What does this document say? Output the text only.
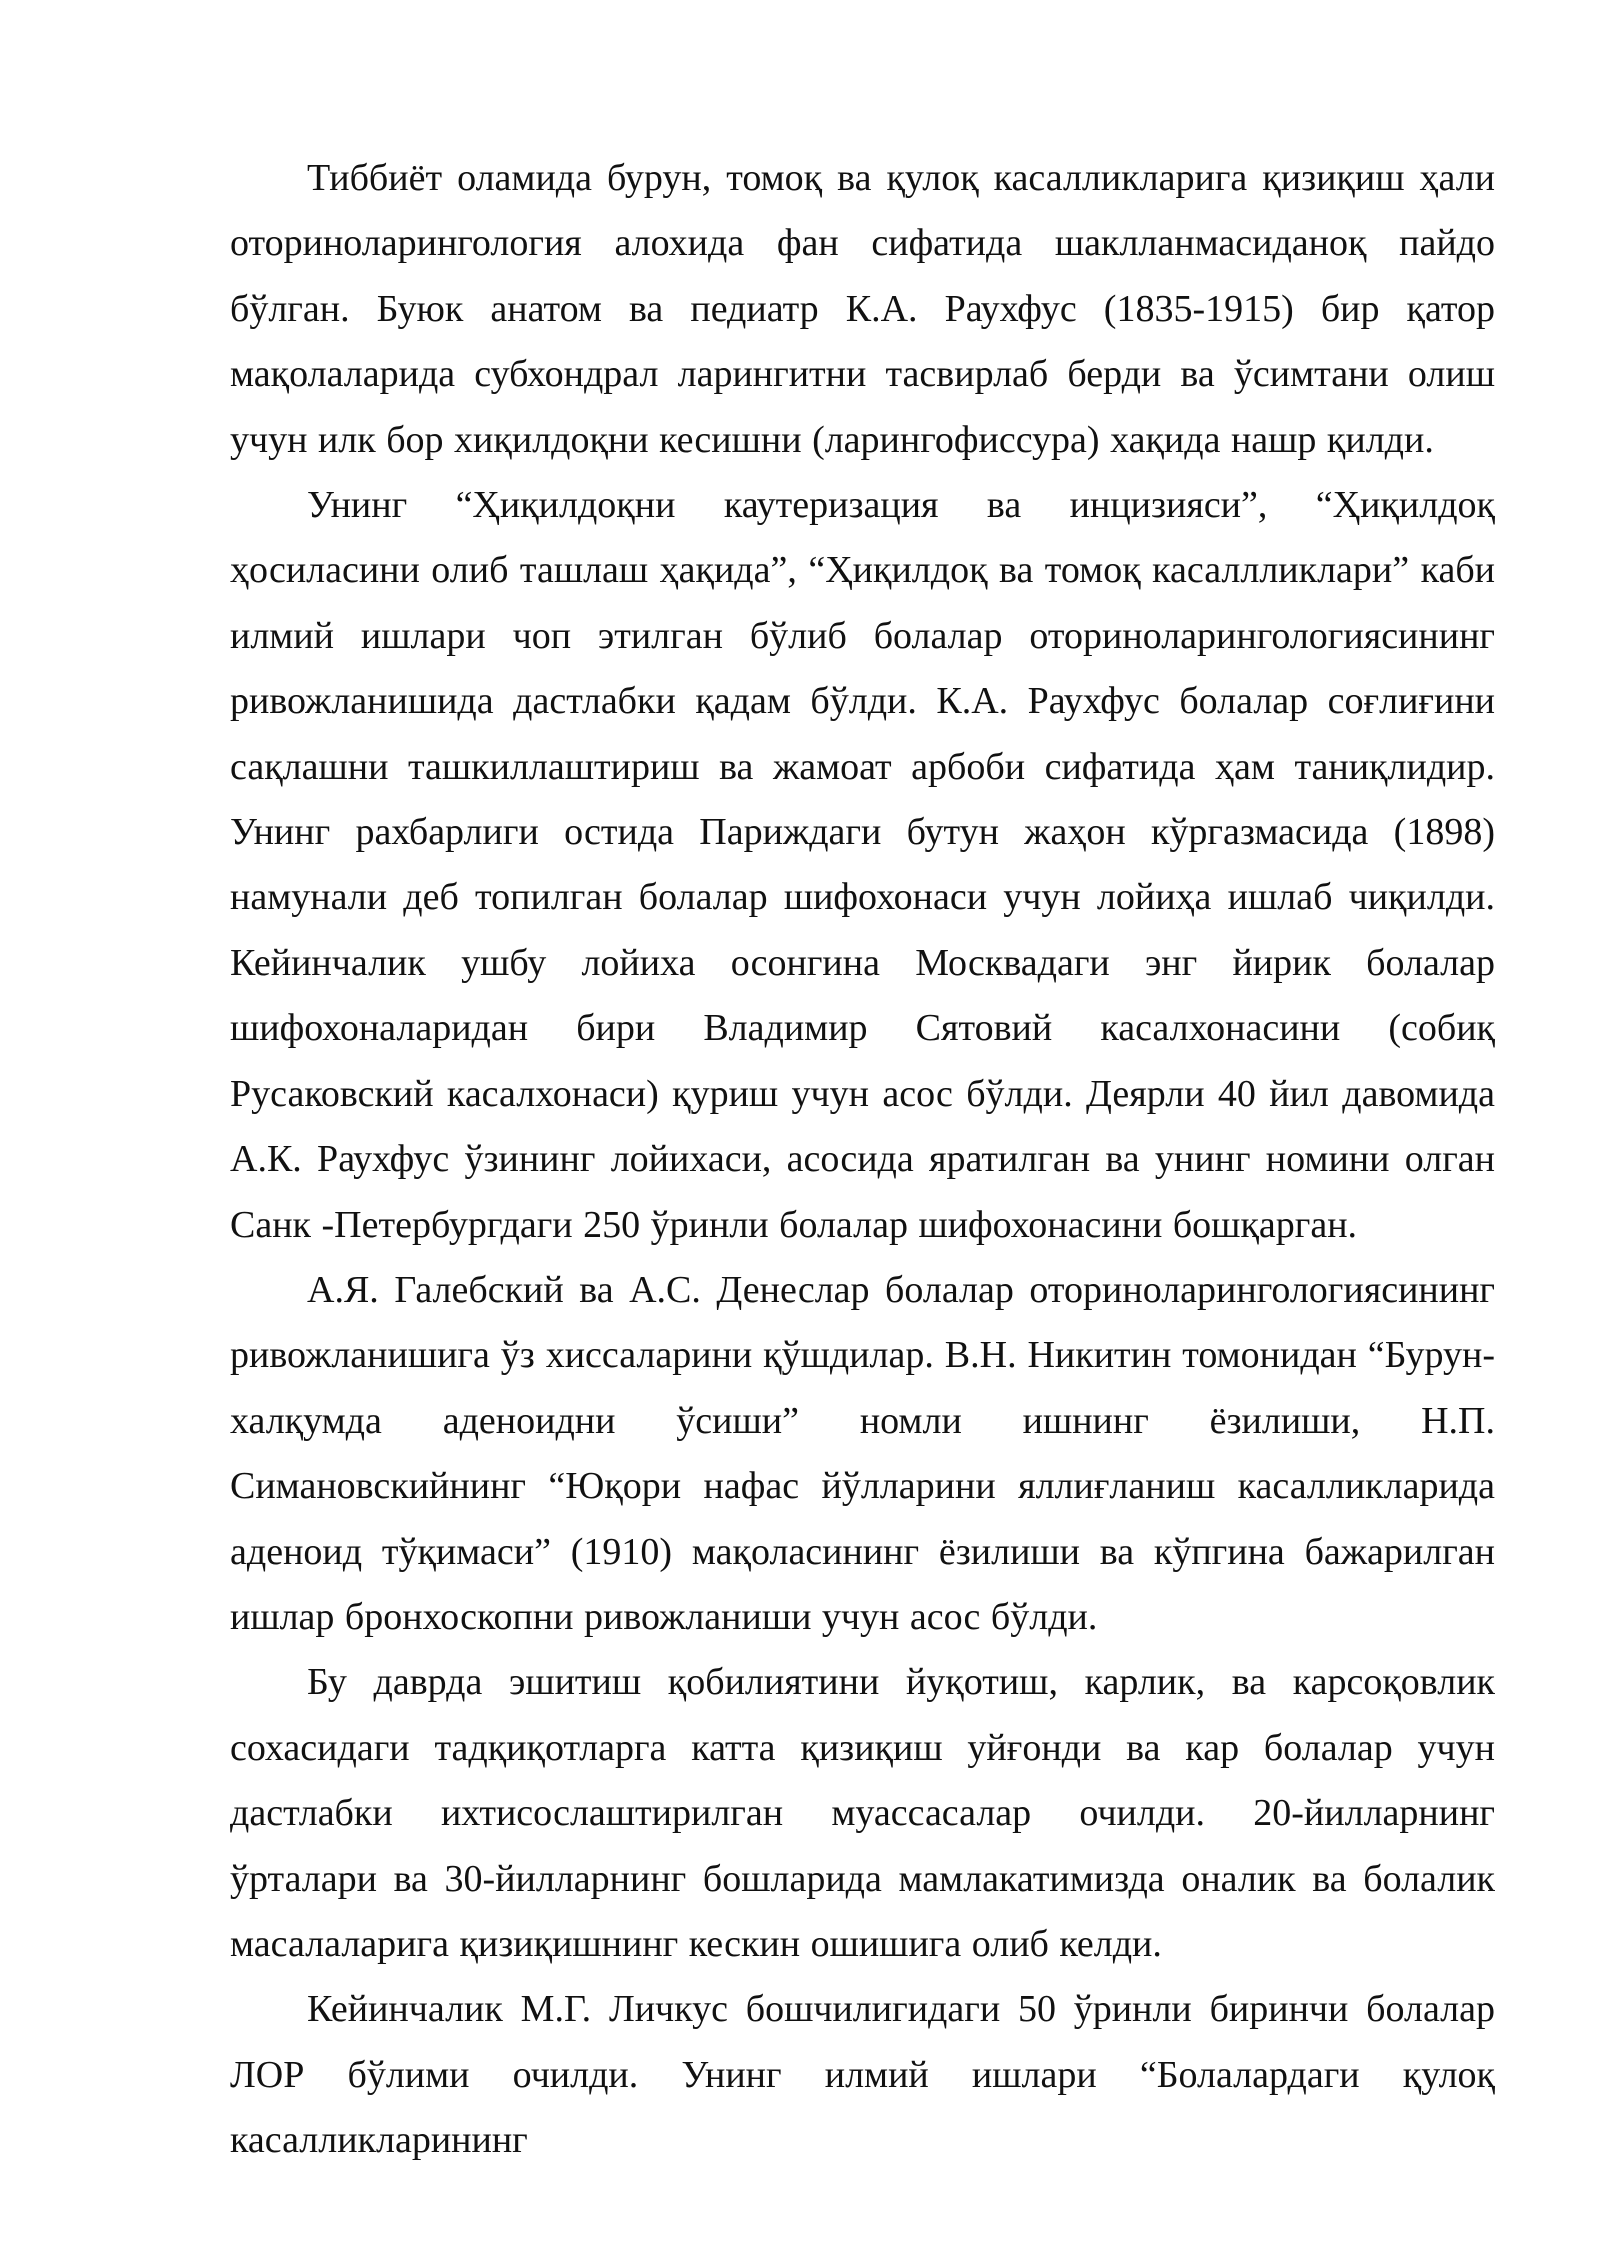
Тиббиёт оламида бурун, томоқ ва қулоқ касалликларига қизиқиш ҳали оториноларингология алохида фан сифатида шаклланмасиданоқ пайдо бўлган. Буюк анатом ва педиатр К.А. Раухфус (1835-1915) бир қатор мақолаларида субхондрал ларингитни тасвирлаб берди ва ўсимтани олиш учун илк бор хиқилдоқни кесишни (ларингофиссура) хақида нашр қилди.

Унинг “Ҳиқилдоқни каутеризация ва инцизияси”, “Ҳиқилдоқ ҳосиласини олиб ташлаш ҳақида”, “Ҳиқилдоқ ва томоқ касаллликлари” каби илмий ишлари чоп этилган бўлиб болалар оториноларингологиясининг ривожланишида дастлабки қадам бўлди. К.А. Раухфус болалар соғлиғини сақлашни ташкиллаштириш ва жамоат арбоби сифатида ҳам таниқлидир. Унинг рахбарлиги остида Париждаги бутун жаҳон кўргазмасида (1898) намунали деб топилган болалар шифохонаси учун лойиҳа ишлаб чиқилди. Кейинчалик ушбу лойиха осонгина Москвадаги энг йирик болалар шифохоналаридан бири Владимир Сятовий касалхонасини (собиқ Русаковский касалхонаси) қуриш учун асос бўлди. Деярли 40 йил давомида А.К. Раухфус ўзининг лойихаси, асосида яратилган ва унинг номини олган Санк -Петербургдаги 250 ўринли болалар шифохонасини бошқарган.

А.Я. Галебский ва А.С. Денеслар болалар оториноларингологиясининг ривожланишига ўз хиссаларини қўшдилар. В.Н. Никитин томонидан “Бурун-халқумда аденоидни ўсиши” номли ишнинг ёзилиши, Н.П. Симановскийнинг “Юқори нафас йўлларини яллиғланиш касалликларида аденоид тўқимаси” (1910) мақоласининг ёзилиши ва кўпгина бажарилган ишлар бронхоскопни ривожланиши учун асос бўлди.

Бу даврда эшитиш қобилиятини йуқотиш, карлик, ва карсоқовлик сохасидаги тадқиқотларга катта қизиқиш уйғонди ва кар болалар учун дастлабки ихтисослаштирилган муассасалар очилди. 20-йилларнинг ўрталари ва 30-йилларнинг бошларида мамлакатимизда оналик ва болалик масалаларига қизиқишнинг кескин ошишига олиб келди.

Кейинчалик М.Г. Личкус бошчилигидаги 50 ўринли биринчи болалар ЛОР бўлими очилди. Унинг илмий ишлари “Болалардаги қулоқ касалликларининг
